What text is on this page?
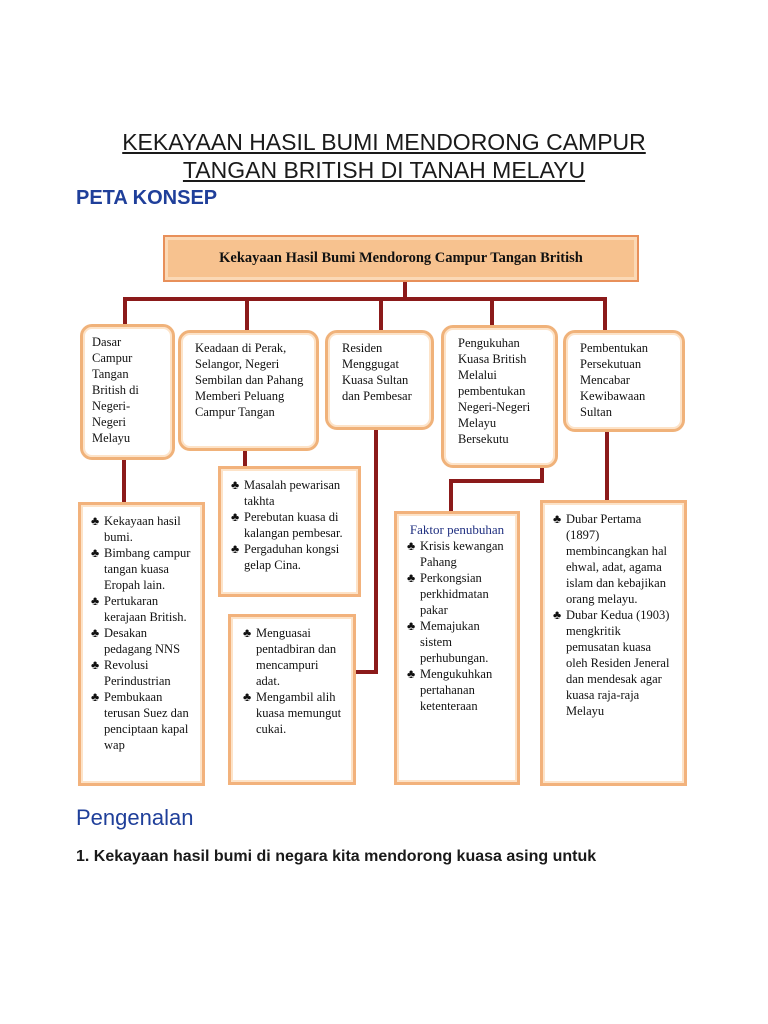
KEKAYAAN HASIL BUMI MENDORONG CAMPUR
TANGAN BRITISH DI TANAH MELAYU
PETA KONSEP
Kekayaan Hasil Bumi Mendorong Campur Tangan British
Dasar Campur Tangan British di Negeri-Negeri Melayu
Keadaan di Perak, Selangor, Negeri Sembilan dan Pahang Memberi Peluang Campur Tangan
Residen Menggugat Kuasa Sultan dan Pembesar
Pengukuhan Kuasa British Melalui pembentukan Negeri-Negeri Melayu Bersekutu
Pembentukan Persekutuan Mencabar Kewibawaan Sultan
♣ Kekayaan hasil bumi.
♣ Bimbang campur tangan kuasa Eropah lain.
♣ Pertukaran kerajaan British.
♣ Desakan pedagang NNS
♣ Revolusi Perindustrian
♣ Pembukaan terusan Suez dan penciptaan kapal wap
♣ Masalah pewarisan takhta
♣ Perebutan kuasa di kalangan pembesar.
♣ Pergaduhan kongsi gelap Cina.
♣ Menguasai pentadbiran dan mencampuri adat.
♣ Mengambil alih kuasa memungut cukai.
Faktor penubuhan
♣ Krisis kewangan Pahang
♣ Perkongsian perkhidmatan pakar
♣ Memajukan sistem perhubungan.
♣ Mengukuhkan pertahanan ketenteraan
♣ Dubar Pertama (1897) membincangkan hal ehwal, adat, agama islam dan kebajikan orang melayu.
♣ Dubar Kedua (1903) mengkritik pemusatan kuasa oleh Residen Jeneral dan mendesak agar kuasa raja-raja Melayu
Pengenalan
1. Kekayaan hasil bumi di negara kita mendorong kuasa asing untuk
